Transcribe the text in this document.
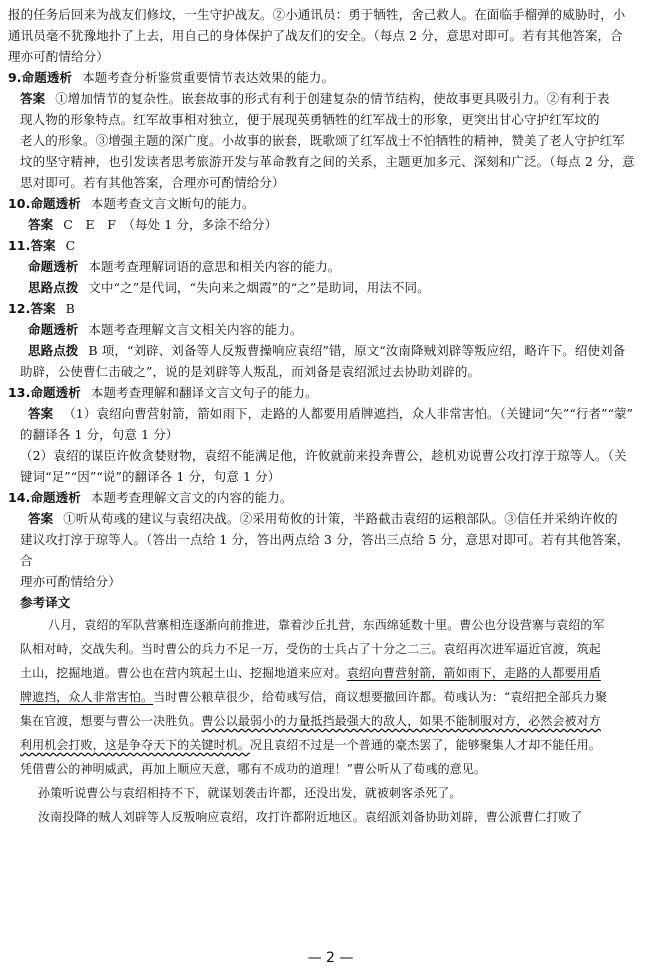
报的任务后回来为战友们修坟，一生守护战友。②小通讯员：勇于牺牲，舍己救人。在面临手榴弹的威胁时，小

通讯员毫不犹豫地扑了上去，用自己的身体保护了战友们的安全。（每点 2 分，意思对即可。若有其他答案，合

理亦可酌情给分）

9.命题透析 本题考查分析鉴赏重要情节表达效果的能力。

答案 ①增加情节的复杂性。嵌套故事的形式有利于创建复杂的情节结构，使故事更具吸引力。②有利于表

现人物的形象特点。红军故事相对独立，便于展现英勇牺牲的红军战士的形象，更突出甘心守护红军坟的

老人的形象。③增强主题的深广度。小故事的嵌套，既歌颂了红军战士不怕牺牲的精神，赞美了老人守护红军

坟的坚守精神，也引发读者思考旅游开发与革命教育之间的关系，主题更加多元、深刻和广泛。（每点 2 分，意

思对即可。若有其他答案，合理亦可酌情给分）

10.命题透析 本题考查文言文断句的能力。

答案 C　E　F　（每处 1 分，多涂不给分）

11.答案 C

命题透析 本题考查理解词语的意思和相关内容的能力。

思路点拨 文中“之”是代词，“失向来之烟霞”的“之”是助词，用法不同。

12.答案 B

命题透析 本题考查理解文言文相关内容的能力。

思路点拨 B 项，“刘辟、刘备等人反叛曹操响应袁绍”错，原文“汝南降贼刘辟等叛应绍，略许下。绍使刘备

助辟，公使曹仁击破之”，说的是刘辟等人叛乱，而刘备是袁绍派过去协助刘辟的。

13.命题透析 本题考查理解和翻译文言文句子的能力。

答案 （1）袁绍向曹营射箭，箭如雨下，走路的人都要用盾牌遮挡，众人非常害怕。（关键词“矢”“行者”“蒙”

的翻译各 1 分，句意 1 分）

（2）袁绍的谋臣许攸贪婪财物，袁绍不能满足他，许攸就前来投奔曹公，趁机劝说曹公攻打淳于琼等人。（关

键词“足”“因”“说”的翻译各 1 分，句意 1 分）

14.命题透析 本题考查理解文言文的内容的能力。

答案 ①听从荀彧的建议与袁绍决战。②采用荀攸的计策，半路截击袁绍的运粮部队。③信任并采纳许攸的

建议攻打淳于琼等人。（答出一点给 1 分，答出两点给 3 分，答出三点给 5 分，意思对即可。若有其他答案，合

理亦可酌情给分）

参考译文

八月，袁绍的军队营寨相连逐渐向前推进，靠着沙丘扎营，东西绵延数十里。曹公也分设营寨与袁绍的军

队相对峙，交战失利。当时曹公的兵力不足一万，受伤的士兵占了十分之二三。袁绍再次进军逼近官渡，筑起

土山，挖掘地道。曹公也在营内筑起土山、挖掘地道来应对。袁绍向曹营射箭，箭如雨下，走路的人都要用盾

牌遮挡，众人非常害怕。当时曹公粮草很少，给荀彧写信，商议想要撤回许都。荀彧认为：“袁绍把全部兵力聚

集在官渡，想要与曹公一决胜负。曹公以最弱小的力量抵挡最强大的敌人，如果不能制服对方，必然会被对方

利用机会打败，这是争夺天下的关键时机。况且袁绍不过是一个普通的豪杰罢了，能够聚集人才却不能任用。

凭借曹公的神明威武，再加上顺应天意，哪有不成功的道理！”曹公听从了荀彧的意见。

孙策听说曹公与袁绍相持不下，就谋划袭击许都，还没出发，就被刺客杀死了。

汝南投降的贼人刘辟等人反叛响应袁绍，攻打许都附近地区。袁绍派刘备协助刘辟，曹公派曹仁打败了

— 2 —
